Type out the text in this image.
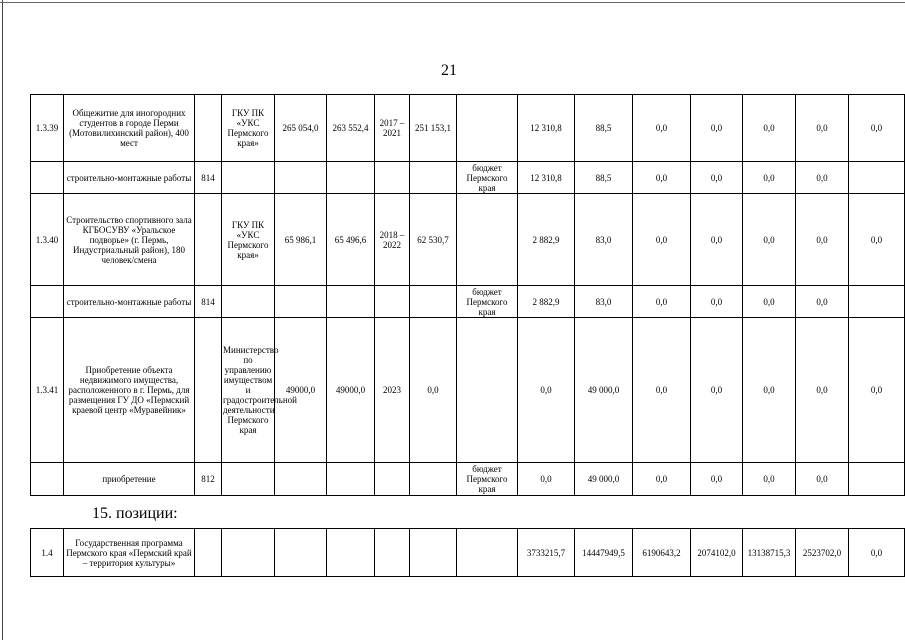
21
1.3.39	Общежитие для иногородних студентов в городе Перми (Мотовилихинский район), 400 мест		ГКУ ПК «УКС Пермского края»	265 054,0	263 552,4	2017 – 2021	251 153,1		12 310,8	88,5	0,0	0,0	0,0	0,0	0,0
	строительно-монтажные работы	814						бюджет Пермского края	12 310,8	88,5	0,0	0,0	0,0	0,0	
1.3.40	Строительство спортивного зала КГБОСУВУ «Уральское подворье» (г. Пермь, Индустриальный район), 180 человек/смена		ГКУ ПК «УКС Пермского края»	65 986,1	65 496,6	2018 – 2022	62 530,7		2 882,9	83,0	0,0	0,0	0,0	0,0	0,0
	строительно-монтажные работы	814						бюджет Пермского края	2 882,9	83,0	0,0	0,0	0,0	0,0	
1.3.41	Приобретение объекта недвижимого имущества, расположенного в г. Пермь, для размещения ГУ ДО «Пермский краевой центр «Муравейник»		Министерство по управлению имуществом и градостроительной деятельности Пермского края	49000,0	49000,0	2023	0,0		0,0	49 000,0	0,0	0,0	0,0	0,0	0,0
	приобретение	812						бюджет Пермского края	0,0	49 000,0	0,0	0,0	0,0	0,0	
15. позиции:
1.4	Государственная программа Пермского края «Пермский край – территория культуры»								3733215,7	14447949,5	6190643,2	2074102,0	13138715,3	2523702,0	0,0
